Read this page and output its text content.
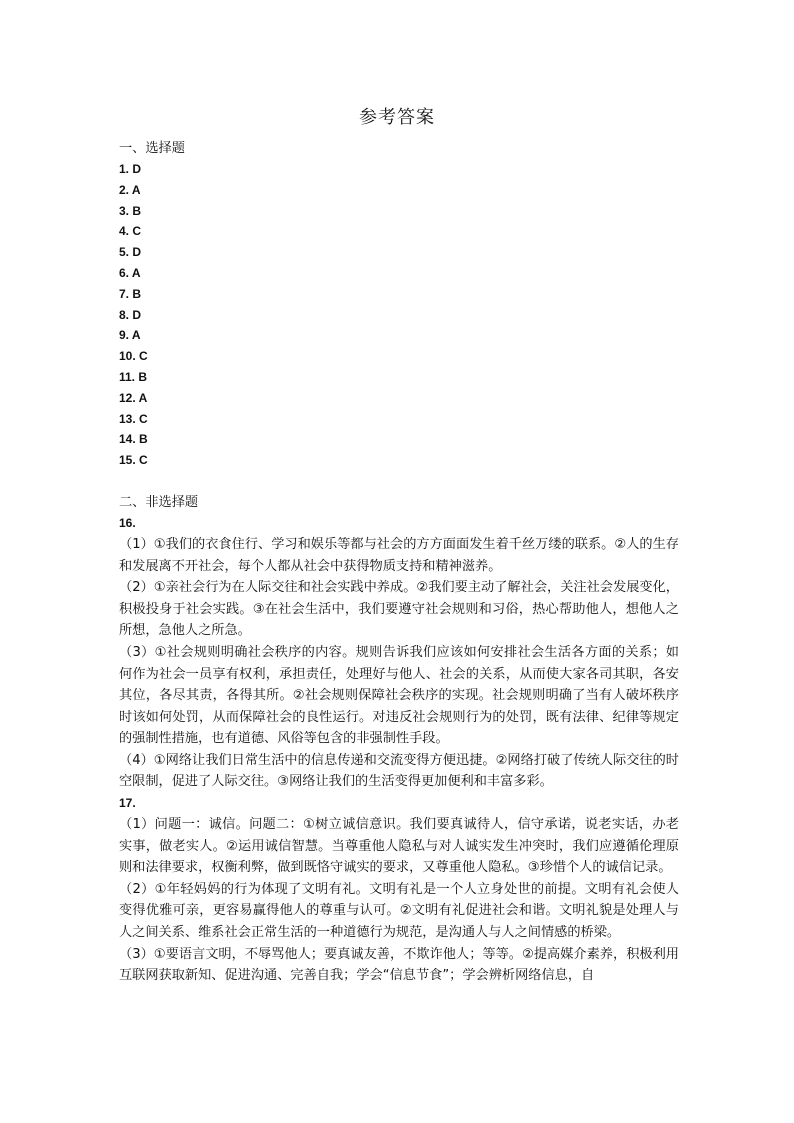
参考答案
一、选择题
1. D
2. A
3. B
4. C
5. D
6. A
7. B
8. D
9. A
10. C
11. B
12. A
13. C
14. B
15. C
二、非选择题
16.

（1）①我们的衣食住行、学习和娱乐等都与社会的方方面面发生着千丝万缕的联系。②人的生存和发展离不开社会，每个人都从社会中获得物质支持和精神滋养。

（2）①亲社会行为在人际交往和社会实践中养成。②我们要主动了解社会，关注社会发展变化，积极投身于社会实践。③在社会生活中，我们要遵守社会规则和习俗，热心帮助他人，想他人之所想，急他人之所急。

（3）①社会规则明确社会秩序的内容。规则告诉我们应该如何安排社会生活各方面的关系；如何作为社会一员享有权利，承担责任，处理好与他人、社会的关系，从而使大家各司其职，各安其位，各尽其责，各得其所。②社会规则保障社会秩序的实现。社会规则明确了当有人破坏秩序时该如何处罚，从而保障社会的良性运行。对违反社会规则行为的处罚，既有法律、纪律等规定的强制性措施，也有道德、风俗等包含的非强制性手段。

（4）①网络让我们日常生活中的信息传递和交流变得方便迅捷。②网络打破了传统人际交往的时空限制，促进了人际交往。③网络让我们的生活变得更加便利和丰富多彩。

17.

（1）问题一：诚信。问题二：①树立诚信意识。我们要真诚待人，信守承诺，说老实话，办老实事，做老实人。②运用诚信智慧。当尊重他人隐私与对人诚实发生冲突时，我们应遵循伦理原则和法律要求，权衡利弊，做到既恪守诚实的要求，又尊重他人隐私。③珍惜个人的诚信记录。

（2）①年轻妈妈的行为体现了文明有礼。文明有礼是一个人立身处世的前提。文明有礼会使人变得优雅可亲，更容易赢得他人的尊重与认可。②文明有礼促进社会和谐。文明礼貌是处理人与人之间关系、维系社会正常生活的一种道德行为规范，是沟通人与人之间情感的桥梁。

（3）①要语言文明，不辱骂他人；要真诚友善，不欺诈他人；等等。②提高媒介素养，积极利用互联网获取新知、促进沟通、完善自我；学会“信息节食”；学会辨析网络信息，自
